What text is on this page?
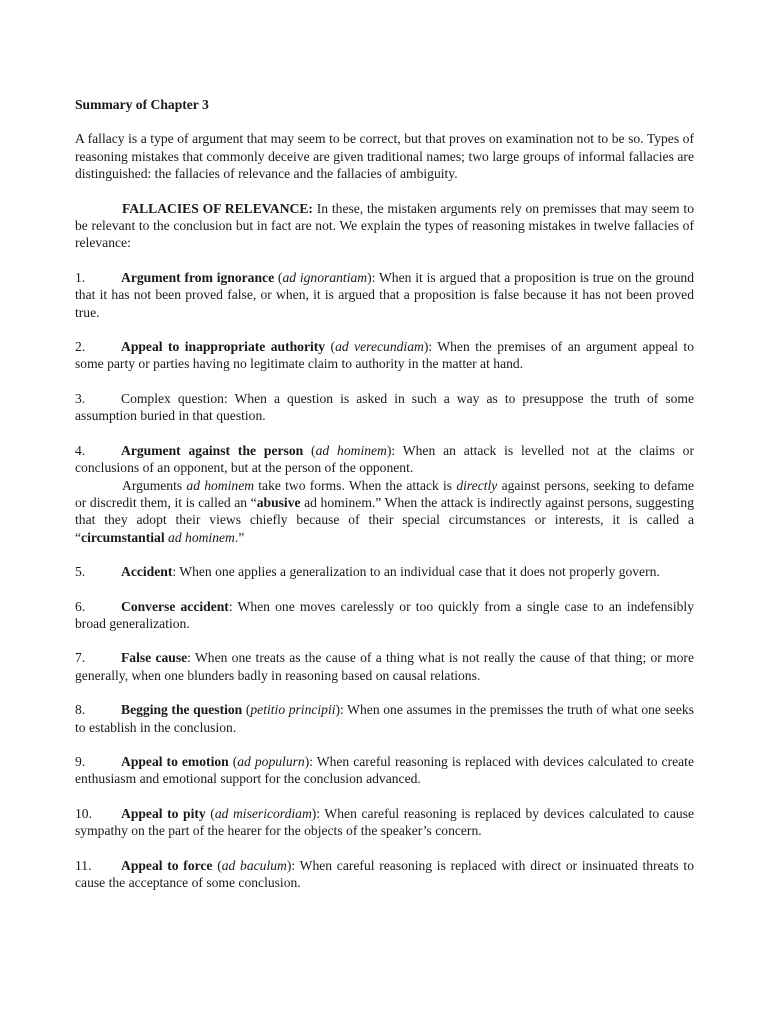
Summary of Chapter 3

A fallacy is a type of argument that may seem to be correct, but that proves on examination not to be so. Types of reasoning mistakes that commonly deceive are given traditional names; two large groups of informal fallacies are distinguished: the fallacies of relevance and the fallacies of ambiguity.

FALLACIES OF RELEVANCE: In these, the mistaken arguments rely on premisses that may seem to be relevant to the conclusion but in fact are not. We explain the types of reasoning mistakes in twelve fallacies of relevance:

1.	Argument from ignorance (ad ignorantiam): When it is argued that a proposition is true on the ground that it has not been proved false, or when, it is argued that a proposition is false because it has not been proved true.

2.	Appeal to inappropriate authority (ad verecundiam): When the premises of an argument appeal to some party or parties having no legitimate claim to authority in the matter at hand.

3.	Complex question: When a question is asked in such a way as to presuppose the truth of some assumption buried in that question.

4.	Argument against the person (ad hominem): When an attack is levelled not at the claims or conclusions of an opponent, but at the person of the opponent.

Arguments ad hominem take two forms. When the attack is directly against persons, seeking to defame or discredit them, it is called an “abusive ad hominem.” When the attack is indirectly against persons, suggesting that they adopt their views chiefly because of their special circumstances or interests, it is called a “circumstantial ad hominem.”

5.	Accident: When one applies a generalization to an individual case that it does not properly govern.

6.	Converse accident: When one moves carelessly or too quickly from a single case to an indefensibly broad generalization.

7.	False cause: When one treats as the cause of a thing what is not really the cause of that thing; or more generally, when one blunders badly in reasoning based on causal relations.

8.	Begging the question (petitio principii): When one assumes in the premisses the truth of what one seeks to establish in the conclusion.

9.	Appeal to emotion (ad populurn): When careful reasoning is replaced with devices calculated to create enthusiasm and emotional support for the conclusion advanced.

10. Appeal to pity (ad misericordiam): When careful reasoning is replaced by devices calculated to cause sympathy on the part of the hearer for the objects of the speaker’s concern.

11. Appeal to force (ad baculum): When careful reasoning is replaced with direct or insinuated threats to cause the acceptance of some conclusion.
